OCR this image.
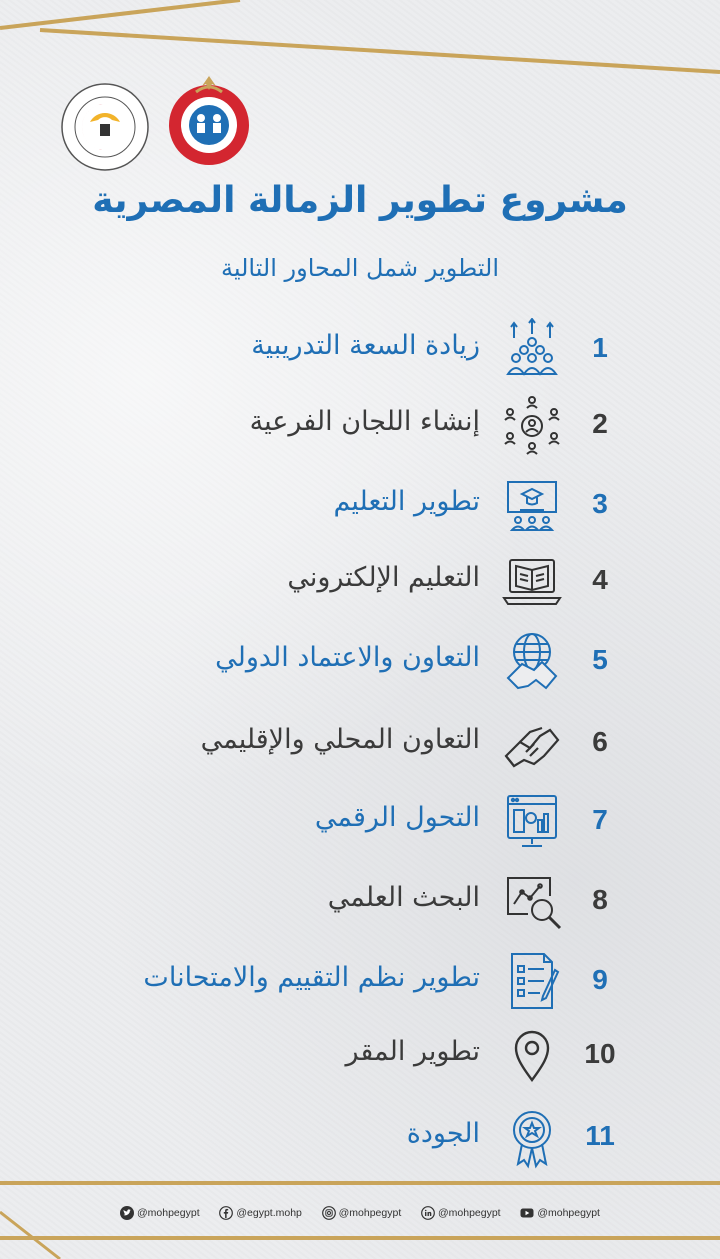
مشروع تطوير الزمالة المصرية
التطوير شمل المحاور التالية
زيادة السعة التدريبية	1
إنشاء اللجان الفرعية	2
تطوير التعليم	3
التعليم الإلكتروني	4
التعاون والاعتماد الدولي	5
التعاون المحلي والإقليمي	6
التحول الرقمي	7
البحث العلمي	8
تطوير نظم التقييم والامتحانات	9
تطوير المقر	10
الجودة	11
@mohpegypt	@egypt.mohp	@mohpegypt	@mohpegypt	@mohpegypt
